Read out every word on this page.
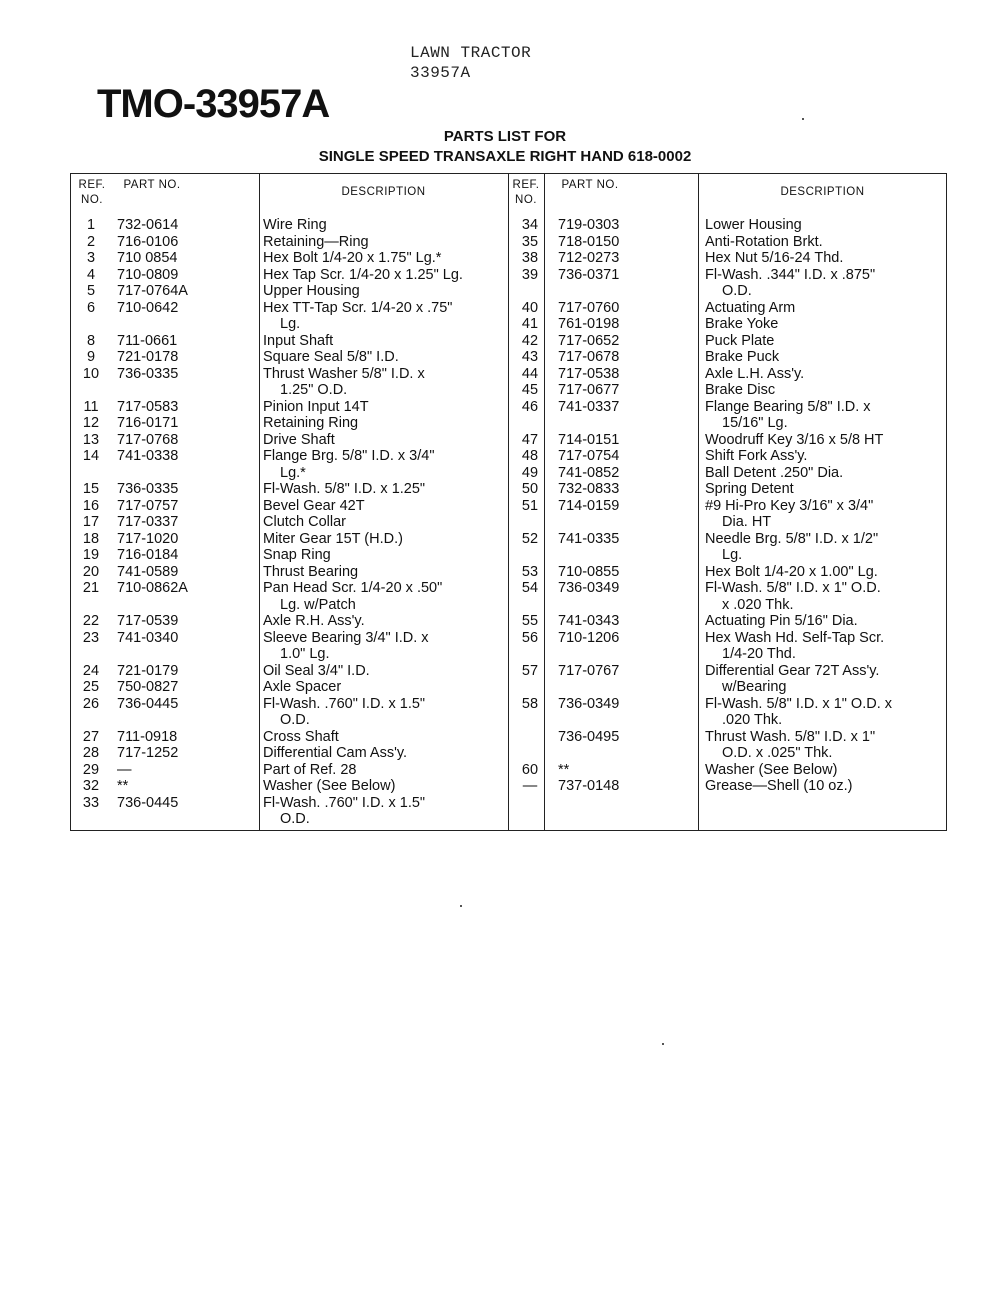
LAWN TRACTOR
33957A
TMO-33957A
PARTS LIST FOR
SINGLE SPEED TRANSAXLE RIGHT HAND 618-0002
REF. NO.
PART NO.
DESCRIPTION
REF. NO.
PART NO.
DESCRIPTION
1	732-0614	Wire Ring
2	716-0106	Retaining—Ring
3	710 0854	Hex Bolt 1/4-20 x 1.75" Lg.*
4	710-0809	Hex Tap Scr. 1/4-20 x 1.25" Lg.
5	717-0764A	Upper Housing
6	710-0642	Hex TT-Tap Scr. 1/4-20 x .75"
Lg.
8	711-0661	Input Shaft
9	721-0178	Square Seal 5/8" I.D.
10	736-0335	Thrust Washer 5/8" I.D. x
1.25" O.D.
11	717-0583	Pinion Input 14T
12	716-0171	Retaining Ring
13	717-0768	Drive Shaft
14	741-0338	Flange Brg. 5/8" I.D. x 3/4"
Lg.*
15	736-0335	Fl-Wash. 5/8" I.D. x 1.25"
16	717-0757	Bevel Gear 42T
17	717-0337	Clutch Collar
18	717-1020	Miter Gear 15T (H.D.)
19	716-0184	Snap Ring
20	741-0589	Thrust Bearing
21	710-0862A	Pan Head Scr. 1/4-20 x .50"
Lg. w/Patch
22	717-0539	Axle R.H. Ass'y.
23	741-0340	Sleeve Bearing 3/4" I.D. x
1.0" Lg.
24	721-0179	Oil Seal 3/4" I.D.
25	750-0827	Axle Spacer
26	736-0445	Fl-Wash. .760" I.D. x 1.5"
O.D.
27	711-0918	Cross Shaft
28	717-1252	Differential Cam Ass'y.
29	—	Part of Ref. 28
32	**	Washer (See Below)
33	736-0445	Fl-Wash. .760" I.D. x 1.5"
O.D.
34	719-0303	Lower Housing
35	718-0150	Anti-Rotation Brkt.
38	712-0273	Hex Nut 5/16-24 Thd.
39	736-0371	Fl-Wash. .344" I.D. x .875"
O.D.
40	717-0760	Actuating Arm
41	761-0198	Brake Yoke
42	717-0652	Puck Plate
43	717-0678	Brake Puck
44	717-0538	Axle L.H. Ass'y.
45	717-0677	Brake Disc
46	741-0337	Flange Bearing 5/8" I.D. x
15/16" Lg.
47	714-0151	Woodruff Key 3/16 x 5/8 HT
48	717-0754	Shift Fork Ass'y.
49	741-0852	Ball Detent .250" Dia.
50	732-0833	Spring Detent
51	714-0159	#9 Hi-Pro Key 3/16" x 3/4"
Dia. HT
52	741-0335	Needle Brg. 5/8" I.D. x 1/2"
Lg.
53	710-0855	Hex Bolt 1/4-20 x 1.00" Lg.
54	736-0349	Fl-Wash. 5/8" I.D. x 1" O.D.
x .020 Thk.
55	741-0343	Actuating Pin 5/16" Dia.
56	710-1206	Hex Wash Hd. Self-Tap Scr.
1/4-20 Thd.
57	717-0767	Differential Gear 72T Ass'y.
w/Bearing
58	736-0349	Fl-Wash. 5/8" I.D. x 1" O.D. x
.020 Thk.
736-0495	Thrust Wash. 5/8" I.D. x 1"
O.D. x .025" Thk.
60	**	Washer (See Below)
—	737-0148	Grease—Shell (10 oz.)
